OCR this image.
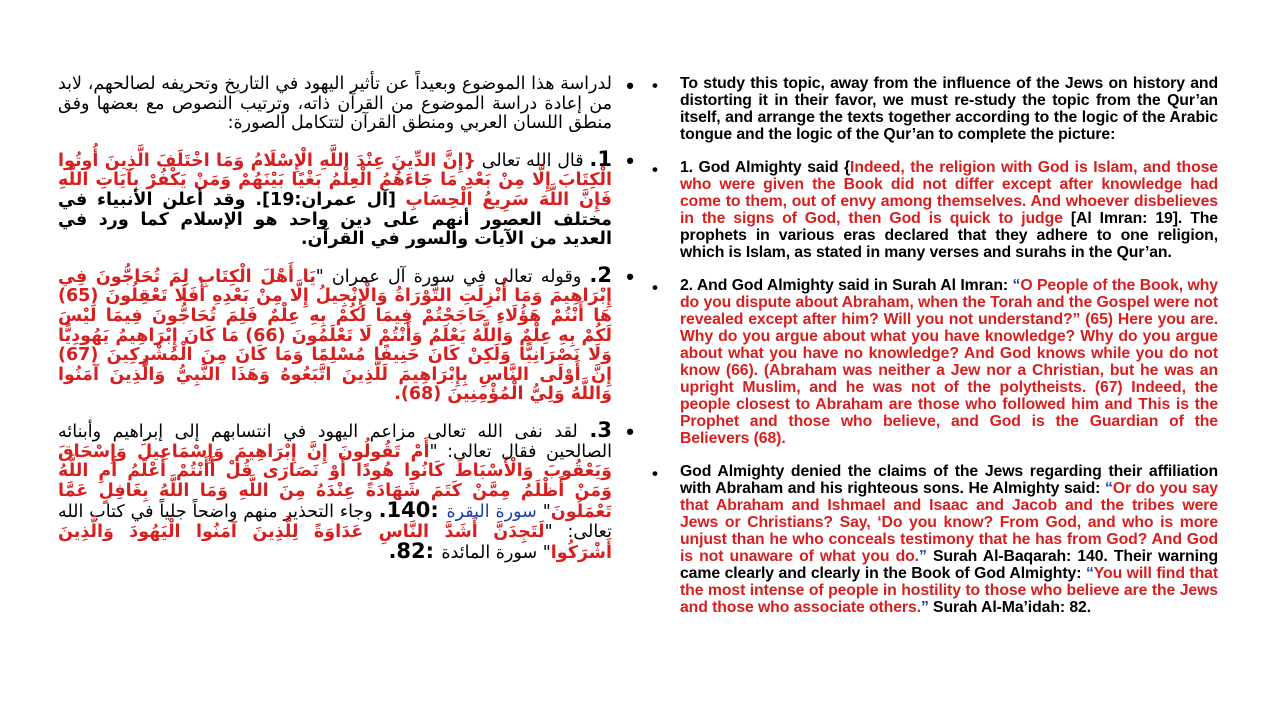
•
لدراسة هذا الموضوع وبعيداً عن تأثير اليهود في التاريخ وتحريفه لصالحهم، لابد من إعادة دراسة الموضوع من القرآن ذاته، وترتيب النصوص مع بعضها وفق منطق اللسان العربي ومنطق القرآن لتتكامل الصورة:
•
1. قال الله تعالى {إِنَّ الدِّينَ عِنْدَ اللَّهِ الْإِسْلَامُ وَمَا اخْتَلَفَ الَّذِينَ أُوتُوا الْكِتَابَ إِلَّا مِنْ بَعْدِ مَا جَاءَهُمُ الْعِلْمُ بَغْيًا بَيْنَهُمْ وَمَنْ يَكْفُرْ بِآيَاتِ اللَّهِ فَإِنَّ اللَّهَ سَرِيعُ الْحِسَابِ [آل عمران:19]. وقد أعلن الأنبياء في مختلف العصور أنهم على دين واحد هو الإسلام كما ورد في العديد من الآيات والسور في القرآن.
•
2. وقوله تعالى في سورة آل عمران "يَا أَهْلَ الْكِتَابِ لِمَ تُحَاجُّونَ فِي إِبْرَاهِيمَ وَمَا أُنْزِلَتِ التَّوْرَاةُ وَالْإِنْجِيلُ إِلَّا مِنْ بَعْدِهِ أَفَلَا تَعْقِلُونَ (65) هَا أَنْتُمْ هَؤُلَاءِ حَاجَجْتُمْ فِيمَا لَكُمْ بِهِ عِلْمٌ فَلِمَ تُحَاجُّونَ فِيمَا لَيْسَ لَكُمْ بِهِ عِلْمٌ وَاللَّهُ يَعْلَمُ وَأَنْتُمْ لَا تَعْلَمُونَ (66) مَا كَانَ إِبْرَاهِيمُ يَهُودِيًّا وَلَا نَصْرَانِيًّا وَلَكِنْ كَانَ حَنِيفًا مُسْلِمًا وَمَا كَانَ مِنَ الْمُشْرِكِينَ (67) إِنَّ أَوْلَى النَّاسِ بِإِبْرَاهِيمَ لَلَّذِينَ اتَّبَعُوهُ وَهَذَا النَّبِيُّ وَالَّذِينَ آمَنُوا وَاللَّهُ وَلِيُّ الْمُؤْمِنِينَ (68).
•
3. لقد نفى الله تعالى مزاعم اليهود في انتسابهم إلى إبراهيم وأبنائه الصالحين فقال تعالى: "أَمْ تَقُولُونَ إِنَّ إِبْرَاهِيمَ وَإِسْمَاعِيلَ وَإِسْحَاقَ وَيَعْقُوبَ وَالْأَسْبَاطَ كَانُوا هُودًا أَوْ نَصَارَى قُلْ أَأَنْتُمْ أَعْلَمُ أَمِ اللَّهُ وَمَنْ أَظْلَمُ مِمَّنْ كَتَمَ شَهَادَةً عِنْدَهُ مِنَ اللَّهِ وَمَا اللَّهُ بِغَافِلٍ عَمَّا تَعْمَلُونَ" سورة البقرة :140. وجاء التحذير منهم واضحاً جلياً في كتاب الله تعالى: "لَتَجِدَنَّ أَشَدَّ النَّاسِ عَدَاوَةً لِلَّذِينَ آمَنُوا الْيَهُودَ وَالَّذِينَ أَشْرَكُوا" سورة المائدة :82.
• To study this topic, away from the influence of the Jews on history and distorting it in their favor, we must re-study the topic from the Qur’an itself, and arrange the texts together according to the logic of the Arabic tongue and the logic of the Qur’an to complete the picture:
• 1. God Almighty said {Indeed, the religion with God is Islam, and those who were given the Book did not differ except after knowledge had come to them, out of envy among themselves. And whoever disbelieves in the signs of God, then God is quick to judge [Al Imran: 19]. The prophets in various eras declared that they adhere to one religion, which is Islam, as stated in many verses and surahs in the Qur’an.
• 2. And God Almighty said in Surah Al Imran: “O People of the Book, why do you dispute about Abraham, when the Torah and the Gospel were not revealed except after him? Will you not understand?” (65) Here you are. Why do you argue about what you have knowledge? Why do you argue about what you have no knowledge? And God knows while you do not know (66). (Abraham was neither a Jew nor a Christian, but he was an upright Muslim, and he was not of the polytheists. (67) Indeed, the people closest to Abraham are those who followed him and This is the Prophet and those who believe, and God is the Guardian of the Believers (68).
• God Almighty denied the claims of the Jews regarding their affiliation with Abraham and his righteous sons. He Almighty said: “Or do you say that Abraham and Ishmael and Isaac and Jacob and the tribes were Jews or Christians? Say, ‘Do you know? From God, and who is more unjust than he who conceals testimony that he has from God? And God is not unaware of what you do.” Surah Al-Baqarah: 140. Their warning came clearly and clearly in the Book of God Almighty: “You will find that the most intense of people in hostility to those who believe are the Jews and those who associate others.” Surah Al-Ma’idah: 82.
